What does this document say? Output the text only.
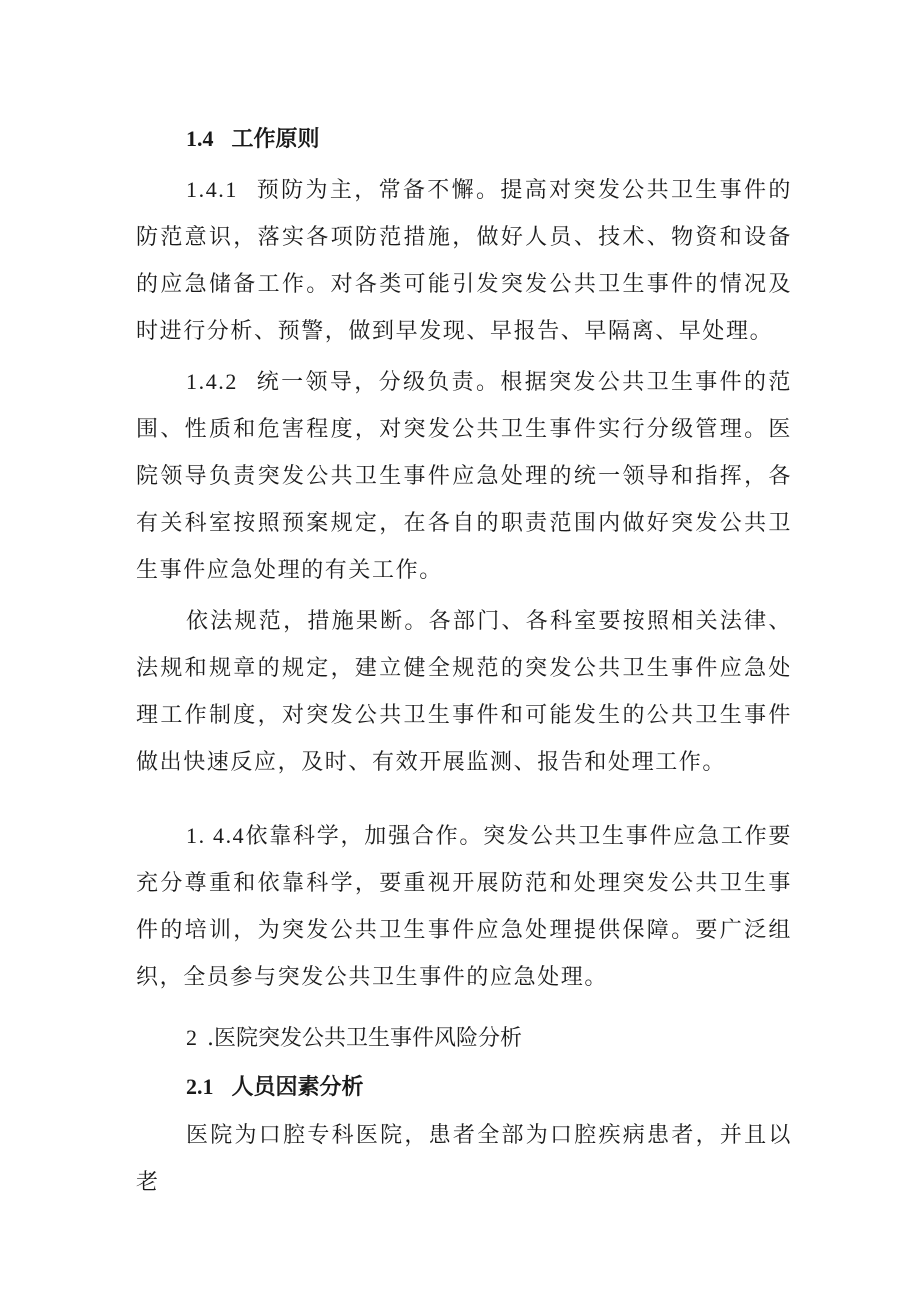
1.4 工作原则
1.4.1 预防为主，常备不懈。提高对突发公共卫生事件的防范意识，落实各项防范措施，做好人员、技术、物资和设备的应急储备工作。对各类可能引发突发公共卫生事件的情况及时进行分析、预警，做到早发现、早报告、早隔离、早处理。
1.4.2 统一领导，分级负责。根据突发公共卫生事件的范围、性质和危害程度，对突发公共卫生事件实行分级管理。医院领导负责突发公共卫生事件应急处理的统一领导和指挥，各有关科室按照预案规定，在各自的职责范围内做好突发公共卫生事件应急处理的有关工作。
依法规范，措施果断。各部门、各科室要按照相关法律、法规和规章的规定，建立健全规范的突发公共卫生事件应急处理工作制度，对突发公共卫生事件和可能发生的公共卫生事件做出快速反应，及时、有效开展监测、报告和处理工作。
1. 4.4依靠科学，加强合作。突发公共卫生事件应急工作要充分尊重和依靠科学，要重视开展防范和处理突发公共卫生事件的培训，为突发公共卫生事件应急处理提供保障。要广泛组织，全员参与突发公共卫生事件的应急处理。
2 .医院突发公共卫生事件风险分析
2.1 人员因素分析
医院为口腔专科医院，患者全部为口腔疾病患者，并且以老
